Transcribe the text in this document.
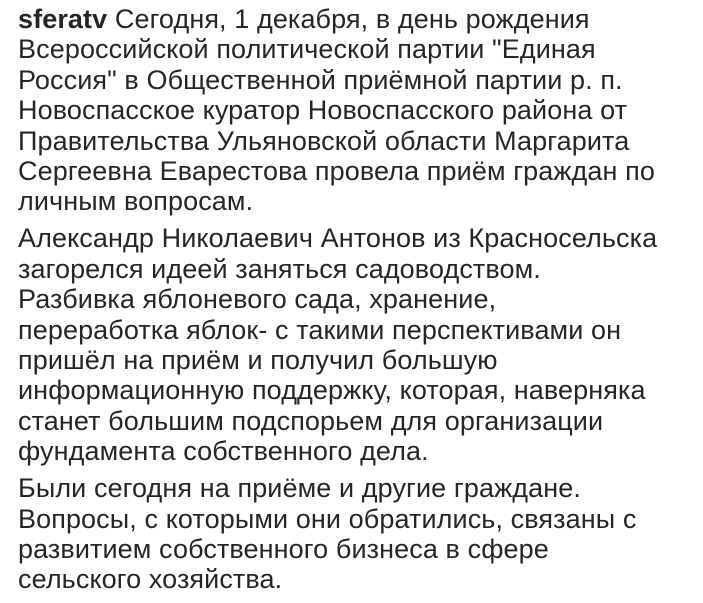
sferatv Сегодня, 1 декабря, в день рождения
Всероссийской политической партии "Единая
Россия" в Общественной приёмной партии р. п.
Новоспасское куратор Новоспасского района от
Правительства Ульяновской области Маргарита
Сергеевна Еварестова провела приём граждан по
личным вопросам.
Александр Николаевич Антонов из Красносельска
загорелся идеей заняться садоводством.
Разбивка яблоневого сада, хранение,
переработка яблок- с такими перспективами он
пришёл на приём и получил большую
информационную поддержку, которая, наверняка
станет большим подспорьем для организации
фундамента собственного дела.
Были сегодня на приёме и другие граждане.
Вопросы, с которыми они обратились, связаны с
развитием собственного бизнеса в сфере
сельского хозяйства.
